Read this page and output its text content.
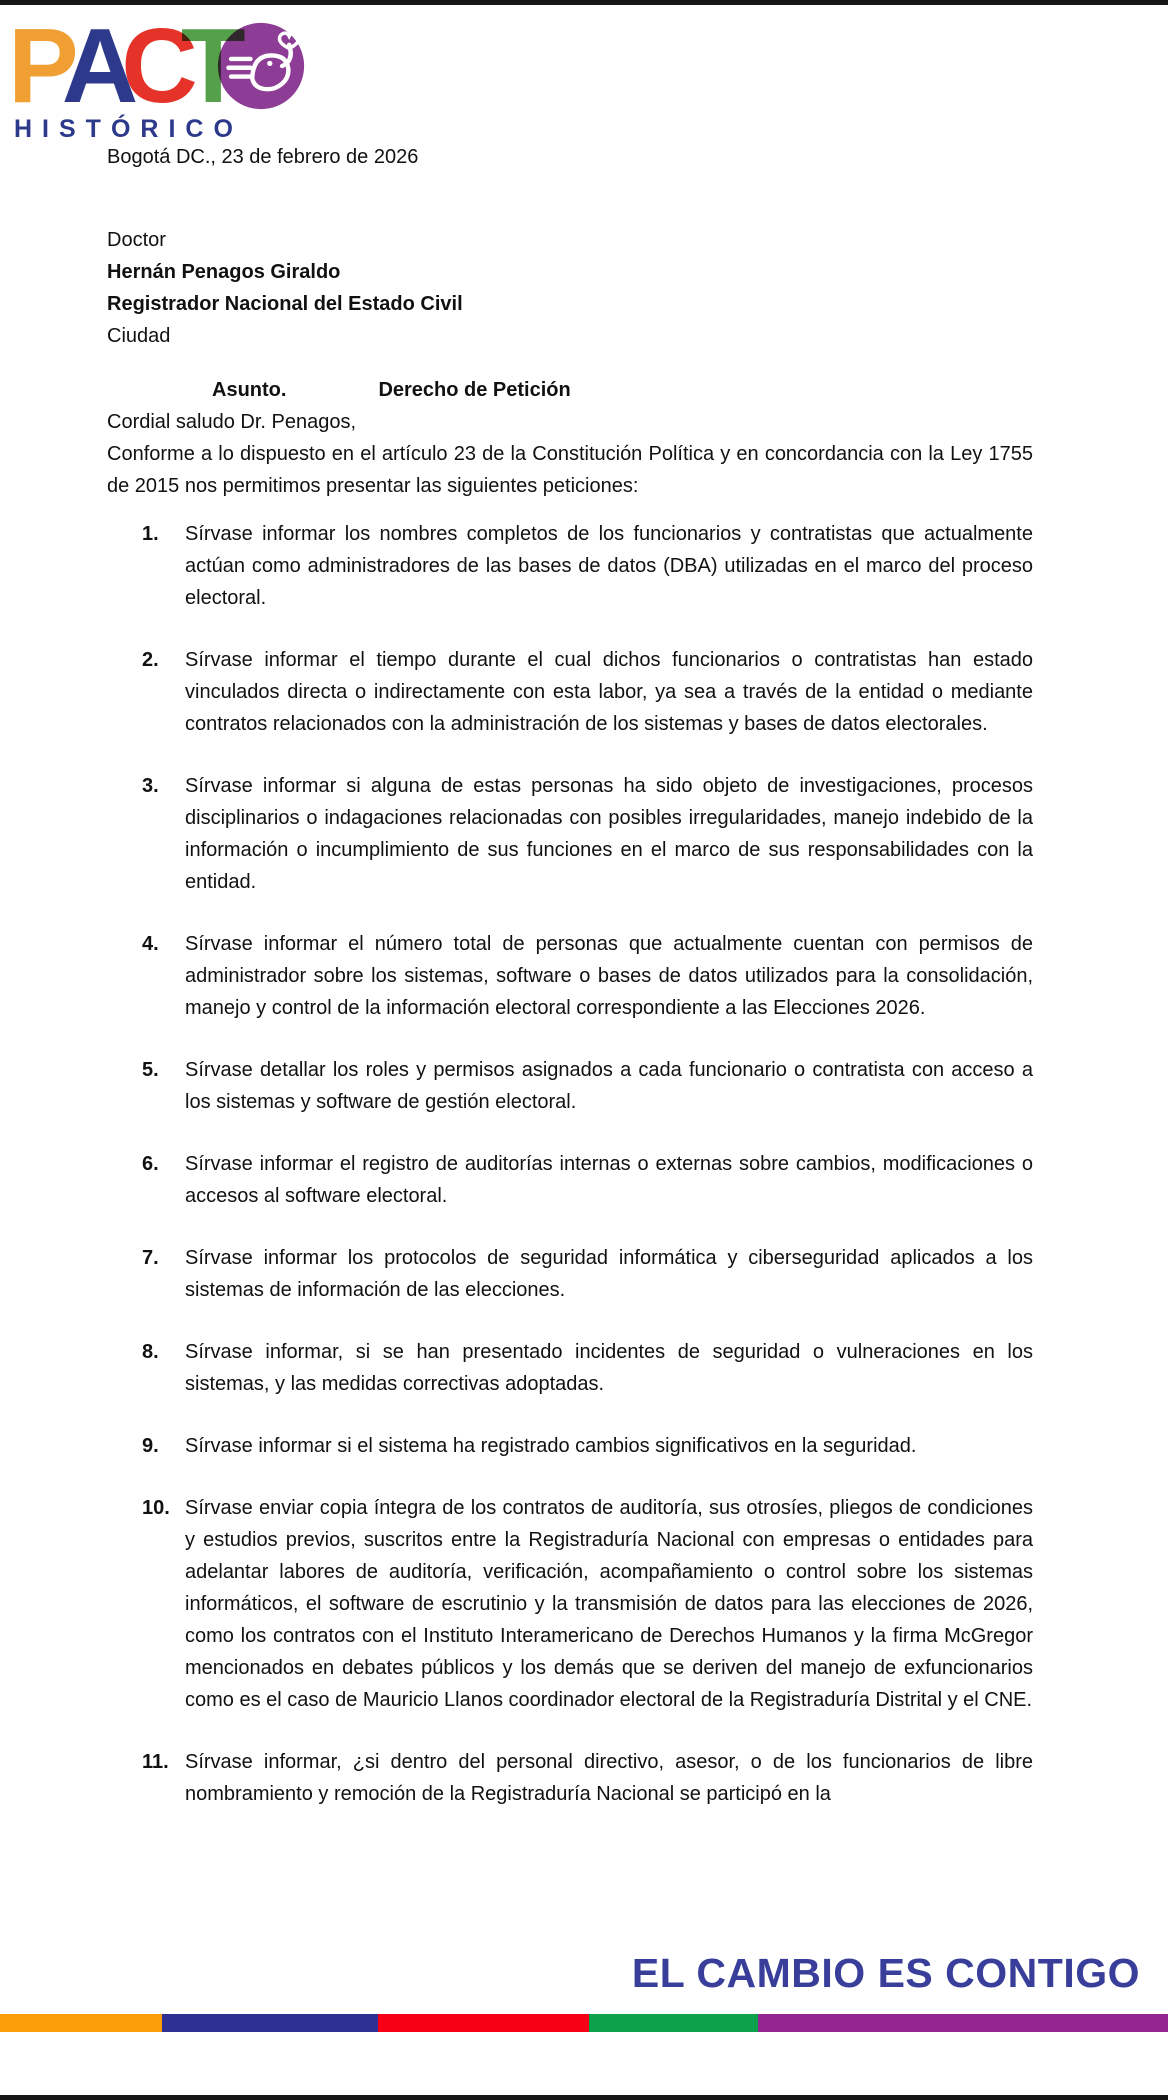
P
A
C
T
HISTÓRICO

Bogotá DC., 23 de febrero de 2026

Doctor

Hernán Penagos Giraldo

Registrador Nacional del Estado Civil

Ciudad

Asunto.	Derecho de Petición

Cordial saludo Dr. Penagos,

Conforme a lo dispuesto en el artículo 23 de la Constitución Política y en concordancia con la Ley 1755 de 2015 nos permitimos presentar las siguientes peticiones:

Sírvase informar los nombres completos de los funcionarios y contratistas que actualmente actúan como administradores de las bases de datos (DBA) utilizadas en el marco del proceso electoral.
Sírvase informar el tiempo durante el cual dichos funcionarios o contratistas han estado vinculados directa o indirectamente con esta labor, ya sea a través de la entidad o mediante contratos relacionados con la administración de los sistemas y bases de datos electorales.
Sírvase informar si alguna de estas personas ha sido objeto de investigaciones, procesos disciplinarios o indagaciones relacionadas con posibles irregularidades, manejo indebido de la información o incumplimiento de sus funciones en el marco de sus responsabilidades con la entidad.
Sírvase informar el número total de personas que actualmente cuentan con permisos de administrador sobre los sistemas, software o bases de datos utilizados para la consolidación, manejo y control de la información electoral correspondiente a las Elecciones 2026.
Sírvase detallar los roles y permisos asignados a cada funcionario o contratista con acceso a los sistemas y software de gestión electoral.
Sírvase informar el registro de auditorías internas o externas sobre cambios, modificaciones o accesos al software electoral.
Sírvase informar los protocolos de seguridad informática y ciberseguridad aplicados a los sistemas de información de las elecciones.
Sírvase informar, si se han presentado incidentes de seguridad o vulneraciones en los sistemas, y las medidas correctivas adoptadas.
Sírvase informar si el sistema ha registrado cambios significativos en la seguridad.
Sírvase enviar copia íntegra de los contratos de auditoría, sus otrosíes, pliegos de condiciones y estudios previos, suscritos entre la Registraduría Nacional con empresas o entidades para adelantar labores de auditoría, verificación, acompañamiento o control sobre los sistemas informáticos, el software de escrutinio y la transmisión de datos para las elecciones de 2026, como los contratos con el Instituto Interamericano de Derechos Humanos y la firma McGregor mencionados en debates públicos y los demás que se deriven del manejo de exfuncionarios como es el caso de Mauricio Llanos coordinador electoral de la Registraduría Distrital y el CNE.
Sírvase informar, ¿si dentro del personal directivo, asesor, o de los funcionarios de libre nombramiento y remoción de la Registraduría Nacional se participó en la
EL CAMBIO ES CONTIGO
